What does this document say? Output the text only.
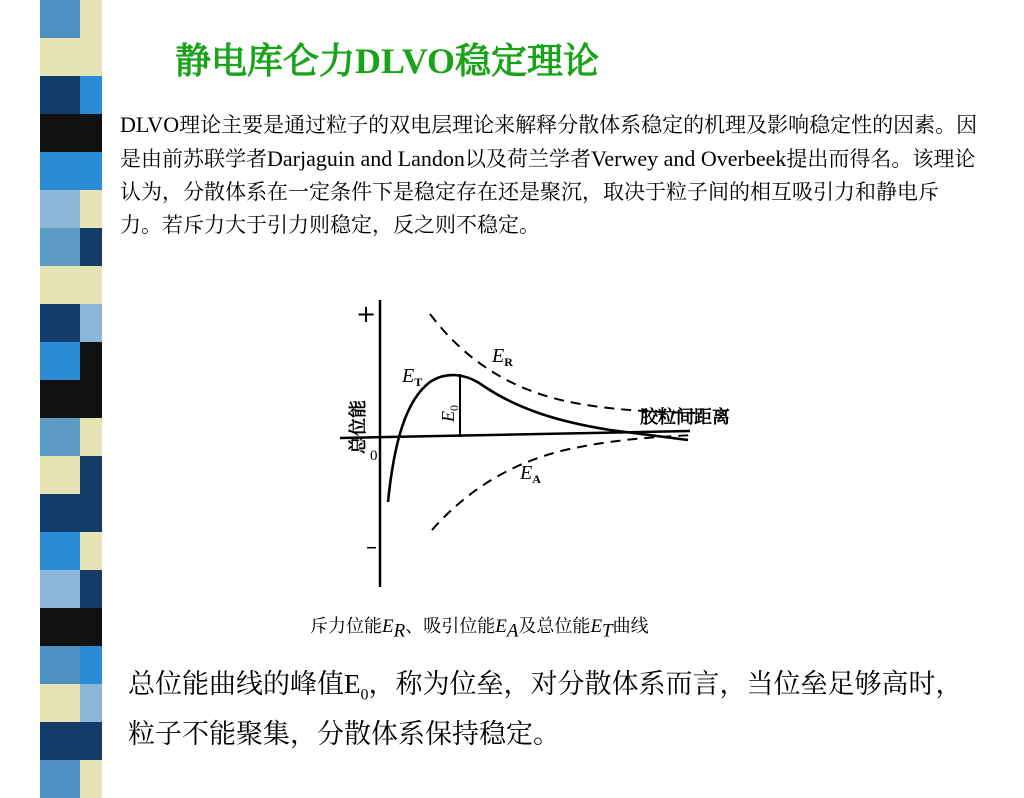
静电库仑力DLVO稳定理论

DLVO理论主要是通过粒子的双电层理论来解释分散体系稳定的机理及影响稳定性的因素。因是由前苏联学者Darjaguin and Landon以及荷兰学者Verwey and Overbeek提出而得名。该理论认为，分散体系在一定条件下是稳定存在还是聚沉，取决于粒子间的相互吸引力和静电斥力。若斥力大于引力则稳定，反之则不稳定。

+
–
0
总位能	胶粒间距离
$E_T$
$E_R$
$E_A$
$E_0$
斥力位能$E_R$、吸引位能$E_A$及总位能$E_T$曲线

总位能曲线的峰值$E_0$，称为位垒，对分散体系而言，当位垒足够高时，粒子不能聚集，分散体系保持稳定。
